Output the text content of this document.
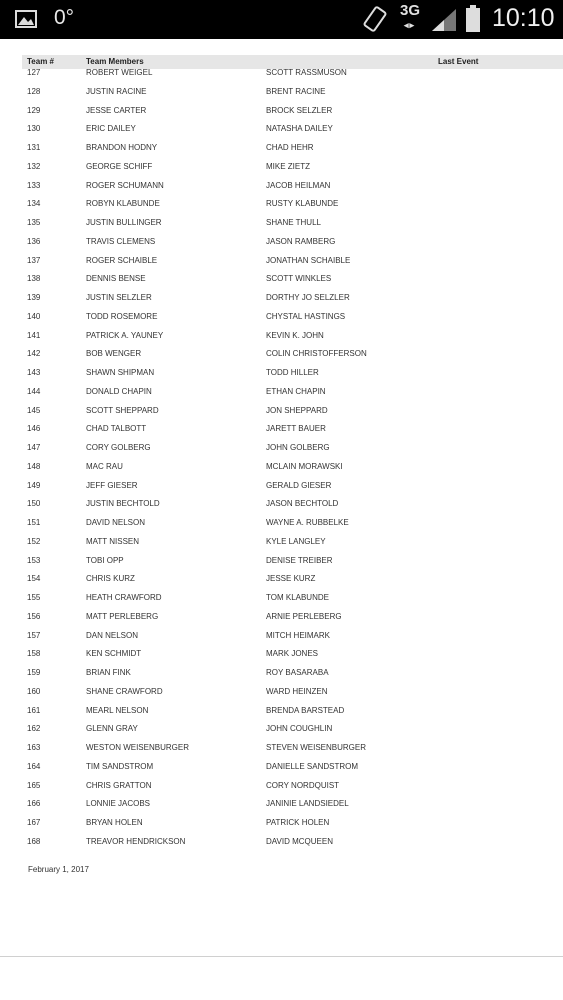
0°	3G
◂▸	10:10
Team #	Team Members	Last Event
127	ROBERT WEIGEL	SCOTT RASSMUSON
128	JUSTIN RACINE	BRENT RACINE
129	JESSE CARTER	BROCK SELZLER
130	ERIC DAILEY	NATASHA DAILEY
131	BRANDON HODNY	CHAD HEHR
132	GEORGE SCHIFF	MIKE ZIETZ
133	ROGER SCHUMANN	JACOB HEILMAN
134	ROBYN KLABUNDE	RUSTY KLABUNDE
135	JUSTIN BULLINGER	SHANE THULL
136	TRAVIS CLEMENS	JASON RAMBERG
137	ROGER SCHAIBLE	JONATHAN SCHAIBLE
138	DENNIS BENSE	SCOTT WINKLES
139	JUSTIN SELZLER	DORTHY JO SELZLER
140	TODD ROSEMORE	CHYSTAL HASTINGS
141	PATRICK A. YAUNEY	KEVIN K. JOHN
142	BOB WENGER	COLIN CHRISTOFFERSON
143	SHAWN SHIPMAN	TODD HILLER
144	DONALD CHAPIN	ETHAN CHAPIN
145	SCOTT SHEPPARD	JON SHEPPARD
146	CHAD TALBOTT	JARETT BAUER
147	CORY GOLBERG	JOHN GOLBERG
148	MAC RAU	MCLAIN MORAWSKI
149	JEFF GIESER	GERALD GIESER
150	JUSTIN BECHTOLD	JASON BECHTOLD
151	DAVID NELSON	WAYNE A. RUBBELKE
152	MATT NISSEN	KYLE LANGLEY
153	TOBI OPP	DENISE TREIBER
154	CHRIS KURZ	JESSE KURZ
155	HEATH CRAWFORD	TOM KLABUNDE
156	MATT PERLEBERG	ARNIE PERLEBERG
157	DAN NELSON	MITCH HEIMARK
158	KEN SCHMIDT	MARK JONES
159	BRIAN FINK	ROY BASARABA
160	SHANE CRAWFORD	WARD HEINZEN
161	MEARL NELSON	BRENDA BARSTEAD
162	GLENN GRAY	JOHN COUGHLIN
163	WESTON WEISENBURGER	STEVEN WEISENBURGER
164	TIM SANDSTROM	DANIELLE SANDSTROM
165	CHRIS GRATTON	CORY NORDQUIST
166	LONNIE JACOBS	JANINIE LANDSIEDEL
167	BRYAN HOLEN	PATRICK HOLEN
168	TREAVOR HENDRICKSON	DAVID MCQUEEN
February 1, 2017
